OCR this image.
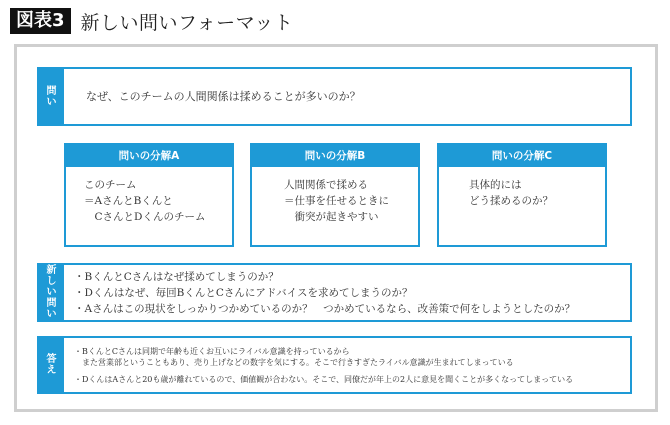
図表3 新しい問いフォーマット
問
い	なぜ、このチームの人間関係は揉めることが多いのか？
問いの分解A
このチーム
＝AさんとBくんと
　CさんとDくんのチーム
問いの分解B
人間関係で揉める
＝仕事を任せるときに
　衝突が起きやすい
問いの分解C
具体的には
どう揉めるのか？
新
し
い
問
い
・BくんとCさんはなぜ揉めてしまうのか？
・Dくんはなぜ、毎回BくんとCさんにアドバイスを求めてしまうのか？
・Aさんはこの現状をしっかりつかめているのか？　つかめているなら、改善策で何をしようとしたのか？
答
え
・BくんとCさんは同期で年齢も近くお互いにライバル意識を持っているから
　また営業部ということもあり、売り上げなどの数字を気にする。そこで行きすぎたライバル意識が生まれてしまっている
・DくんはAさんと20も歳が離れているので、価値観が合わない。そこで、同僚だが年上の2人に意見を聞くことが多くなってしまっている
